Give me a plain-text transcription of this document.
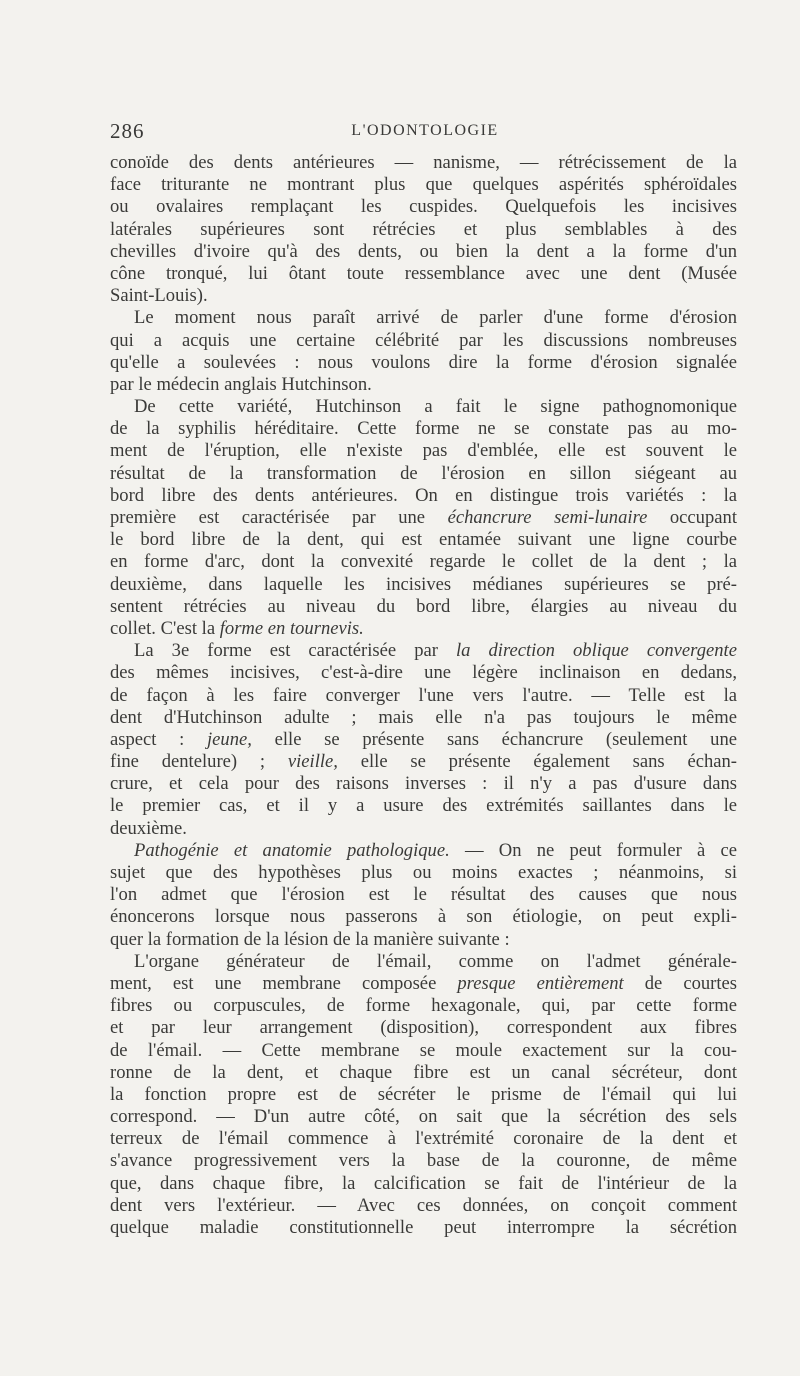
286	L'ODONTOLOGIE
conoïde des dents antérieures — nanisme, — rétrécissement de la
face triturante ne montrant plus que quelques aspérités sphéroïdales
ou ovalaires remplaçant les cuspides. Quelquefois les incisives
latérales supérieures sont rétrécies et plus semblables à des
chevilles d'ivoire qu'à des dents, ou bien la dent a la forme d'un
cône tronqué, lui ôtant toute ressemblance avec une dent (Musée
Saint-Louis).
Le moment nous paraît arrivé de parler d'une forme d'érosion
qui a acquis une certaine célébrité par les discussions nombreuses
qu'elle a soulevées : nous voulons dire la forme d'érosion signalée
par le médecin anglais Hutchinson.
De cette variété, Hutchinson a fait le signe pathognomonique
de la syphilis héréditaire. Cette forme ne se constate pas au mo-
ment de l'éruption, elle n'existe pas d'emblée, elle est souvent le
résultat de la transformation de l'érosion en sillon siégeant au
bord libre des dents antérieures. On en distingue trois variétés : la
première est caractérisée par une échancrure semi-lunaire occupant
le bord libre de la dent, qui est entamée suivant une ligne courbe
en forme d'arc, dont la convexité regarde le collet de la dent ; la
deuxième, dans laquelle les incisives médianes supérieures se pré-
sentent rétrécies au niveau du bord libre, élargies au niveau du
collet. C'est la forme en tournevis.
La 3e forme est caractérisée par la direction oblique convergente
des mêmes incisives, c'est-à-dire une légère inclinaison en dedans,
de façon à les faire converger l'une vers l'autre. — Telle est la
dent d'Hutchinson adulte ; mais elle n'a pas toujours le même
aspect : jeune, elle se présente sans échancrure (seulement une
fine dentelure) ; vieille, elle se présente également sans échan-
crure, et cela pour des raisons inverses : il n'y a pas d'usure dans
le premier cas, et il y a usure des extrémités saillantes dans le
deuxième.
Pathogénie et anatomie pathologique. — On ne peut formuler à ce
sujet que des hypothèses plus ou moins exactes ; néanmoins, si
l'on admet que l'érosion est le résultat des causes que nous
énoncerons lorsque nous passerons à son étiologie, on peut expli-
quer la formation de la lésion de la manière suivante :
L'organe générateur de l'émail, comme on l'admet générale-
ment, est une membrane composée presque entièrement de courtes
fibres ou corpuscules, de forme hexagonale, qui, par cette forme
et par leur arrangement (disposition), correspondent aux fibres
de l'émail. — Cette membrane se moule exactement sur la cou-
ronne de la dent, et chaque fibre est un canal sécréteur, dont
la fonction propre est de sécréter le prisme de l'émail qui lui
correspond. — D'un autre côté, on sait que la sécrétion des sels
terreux de l'émail commence à l'extrémité coronaire de la dent et
s'avance progressivement vers la base de la couronne, de même
que, dans chaque fibre, la calcification se fait de l'intérieur de la
dent vers l'extérieur. — Avec ces données, on conçoit comment
quelque maladie constitutionnelle peut interrompre la sécrétion
